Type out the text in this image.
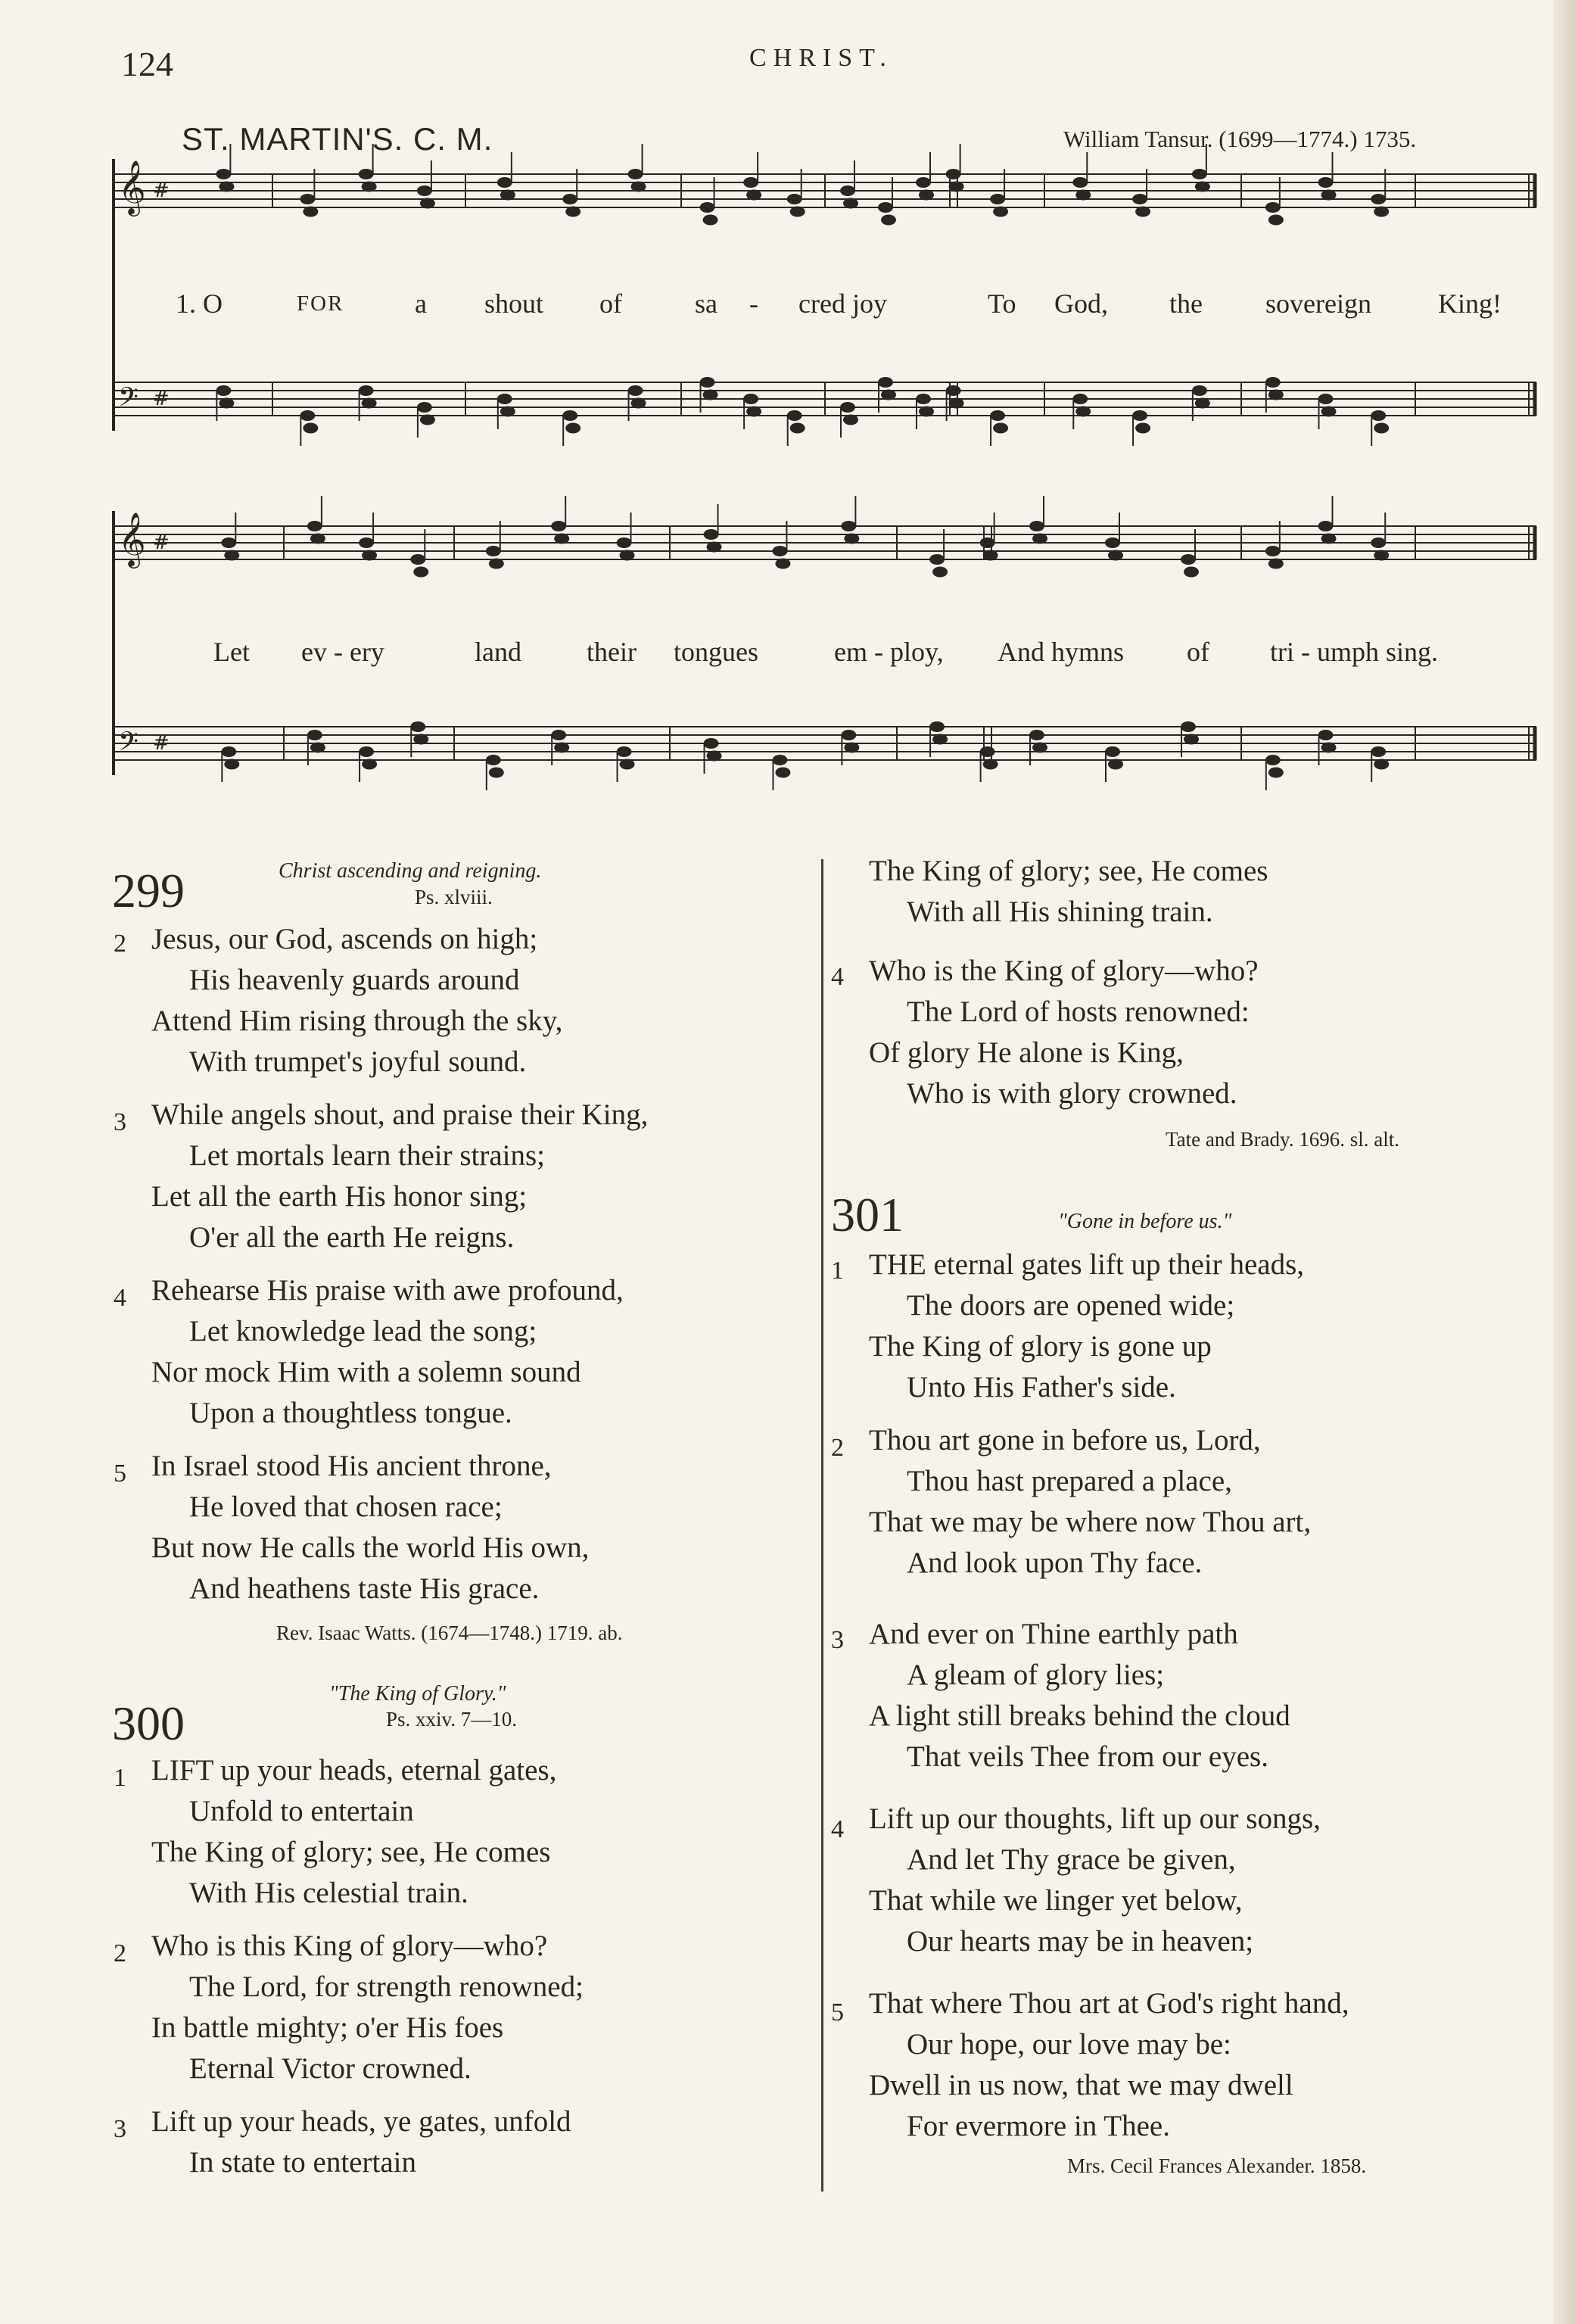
124	CHRIST.
ST. MARTIN'S. C. M.	William Tansur. (1699—1774.) 1735.
𝄞 #
𝄢 #
𝄞 #
𝄢 #
1. O	FOR	a shout of	sa - cred joy	To God, the sovereign King!
Let ev - ery	land their tongues	em - ploy, And hymns of tri - umph sing.
299	Christ ascending and reigning.
Ps. xlviii.
2 Jesus, our God, ascends on high;
His heavenly guards around
Attend Him rising through the sky,
With trumpet's joyful sound.
3 While angels shout, and praise their King,
Let mortals learn their strains;
Let all the earth His honor sing;
O'er all the earth He reigns.
4 Rehearse His praise with awe profound,
Let knowledge lead the song;
Nor mock Him with a solemn sound
Upon a thoughtless tongue.
5 In Israel stood His ancient throne,
He loved that chosen race;
But now He calls the world His own,
And heathens taste His grace.
Rev. Isaac Watts. (1674—1748.) 1719. ab.
300
"The King of Glory."
Ps. xxiv. 7—10.
1 LIFT up your heads, eternal gates,
Unfold to entertain
The King of glory; see, He comes
With His celestial train.
2 Who is this King of glory—who?
The Lord, for strength renowned;
In battle mighty; o'er His foes
Eternal Victor crowned.
3 Lift up your heads, ye gates, unfold
In state to entertain
The King of glory; see, He comes
With all His shining train.
4 Who is the King of glory—who?
The Lord of hosts renowned:
Of glory He alone is King,
Who is with glory crowned.
Tate and Brady. 1696. sl. alt.
301	"Gone in before us."
1 THE eternal gates lift up their heads,
The doors are opened wide;
The King of glory is gone up
Unto His Father's side.
2 Thou art gone in before us, Lord,
Thou hast prepared a place,
That we may be where now Thou art,
And look upon Thy face.
3 And ever on Thine earthly path
A gleam of glory lies;
A light still breaks behind the cloud
That veils Thee from our eyes.
4 Lift up our thoughts, lift up our songs,
And let Thy grace be given,
That while we linger yet below,
Our hearts may be in heaven;
5 That where Thou art at God's right hand,
Our hope, our love may be:
Dwell in us now, that we may dwell
For evermore in Thee.
Mrs. Cecil Frances Alexander. 1858.
